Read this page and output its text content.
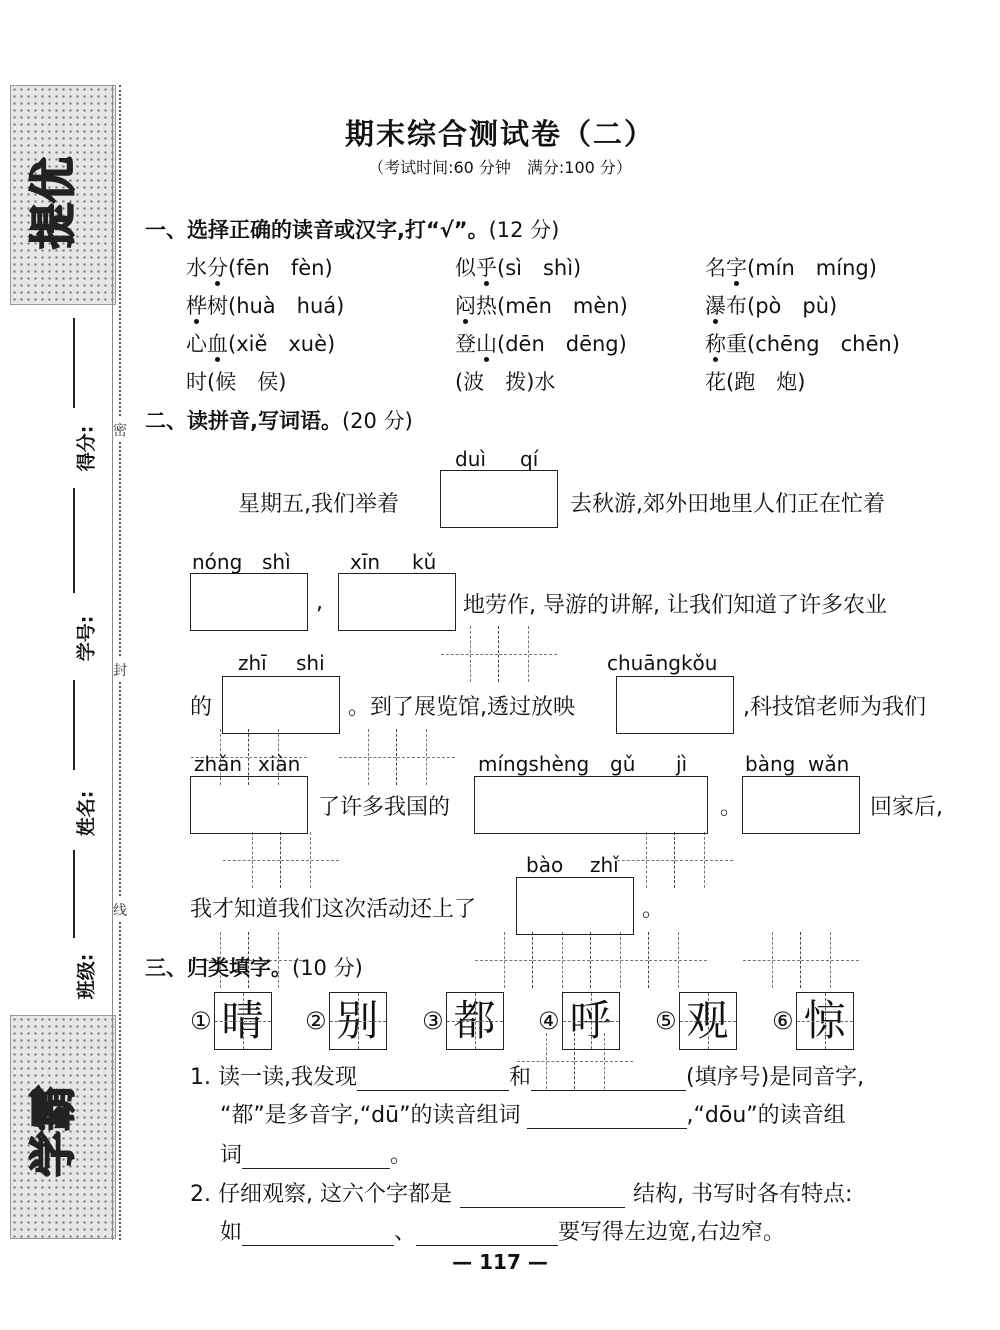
提优
学霸
得分:
学号:
姓名:
班级:
密
封
线
期末综合测试卷（二）
（考试时间:60 分钟　满分:100 分）
一、选择正确的读音或汉字,打“√”。(12 分)
水分(fēn　fèn)	似乎(sì　shì)	名字(mín　míng)
桦树(huà　huá)	闷热(mēn　mèn)	瀑布(pò　pù)
心血(xiě　xuè)	登山(dēn　dēng)	称重(chēng　chēn)
时(候　侯)	(波　拨)水	花(跑　炮)
二、读拼音,写词语。(20 分)
duì qí
星期五,我们举着	去秋游,郊外田地里人们正在忙着
nóng shì	xīn kǔ
,	地劳作, 导游的讲解, 让我们知道了许多农业
zhī shi	chuāngkǒu
的	。到了展览馆,透过放映	,科技馆老师为我们
zhǎn xiàn	míngshèng gǔ jì	bàng wǎn
了许多我国的	。	回家后,
bào zhǐ
我才知道我们这次活动还上了	。
三、归类填字。(10 分)
① 晴	② 别	③ 都	④ 呼	⑤ 观	⑥ 惊
1. 读一读,我发现	和	(填序号)是同音字,
“都”是多音字,“dū”的读音组词	,“dōu”的读音组
词	。
2. 仔细观察, 这六个字都是	结构, 书写时各有特点:
如	、	要写得左边宽,右边窄。
— 117 —
